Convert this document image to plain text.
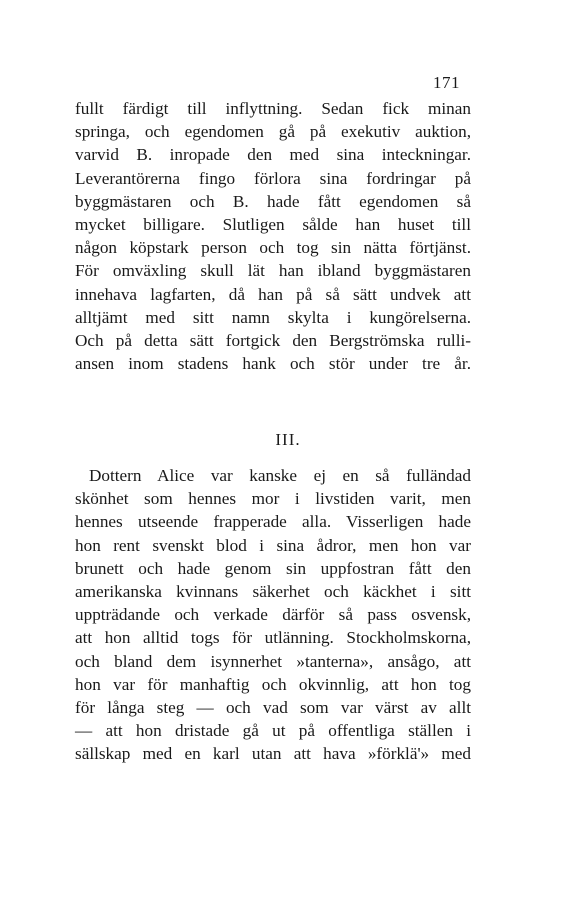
171
fullt färdigt till inflyttning. Sedan fick minan
springa, och egendomen gå på exekutiv auktion,
varvid B. inropade den med sina inteckningar.
Leverantörerna fingo förlora sina fordringar på
byggmästaren och B. hade fått egendomen så
mycket billigare. Slutligen sålde han huset till
någon köpstark person och tog sin nätta förtjänst.
För omväxling skull lät han ibland byggmästaren
innehava lagfarten, då han på så sätt undvek att
alltjämt med sitt namn skylta i kungörelserna.
Och på detta sätt fortgick den Bergströmska rulli-
ansen inom stadens hank och stör under tre år.
III.
Dottern Alice var kanske ej en så fulländad
skönhet som hennes mor i livstiden varit, men
hennes utseende frapperade alla. Visserligen hade
hon rent svenskt blod i sina ådror, men hon var
brunett och hade genom sin uppfostran fått den
amerikanska kvinnans säkerhet och käckhet i sitt
uppträdande och verkade därför så pass osvensk,
att hon alltid togs för utlänning. Stockholmskorna,
och bland dem isynnerhet »tanterna», ansågo, att
hon var för manhaftig och okvinnlig, att hon tog
för långa steg — och vad som var värst av allt
— att hon dristade gå ut på offentliga ställen i
sällskap med en karl utan att hava »förklä'» med
